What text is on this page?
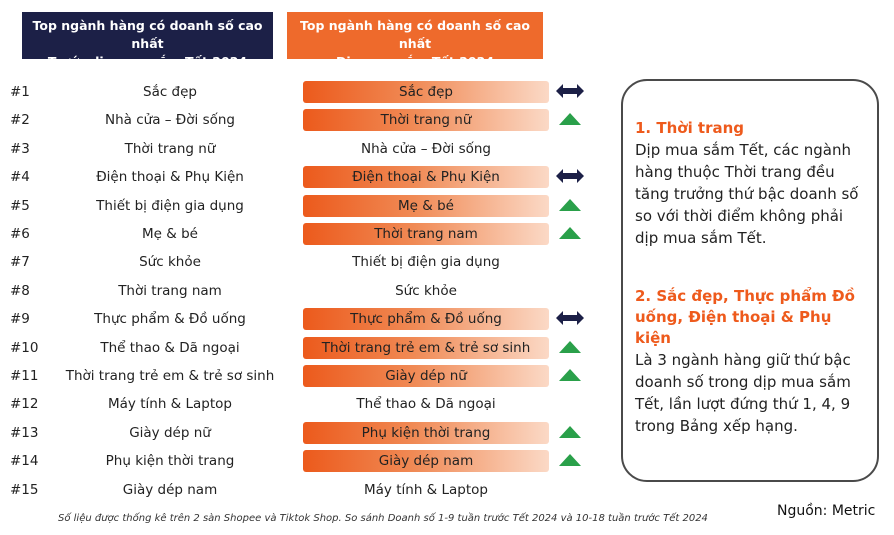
Top ngành hàng có doanh số cao nhất
Trước dịp mua sắm Tết 2024
Top ngành hàng có doanh số cao nhất
Dịp mua sắm Tết 2024
#1	Sắc đẹp	Sắc đẹp
#2	Nhà cửa – Đời sống	Thời trang nữ
#3	Thời trang nữ	Nhà cửa – Đời sống
#4	Điện thoại & Phụ Kiện	Điện thoại & Phụ Kiện
#5	Thiết bị điện gia dụng	Mẹ & bé
#6	Mẹ & bé	Thời trang nam
#7	Sức khỏe	Thiết bị điện gia dụng
#8	Thời trang nam	Sức khỏe
#9	Thực phẩm & Đồ uống	Thực phẩm & Đồ uống
#10	Thể thao & Dã ngoại	Thời trang trẻ em & trẻ sơ sinh
#11	Thời trang trẻ em & trẻ sơ sinh	Giày dép nữ
#12	Máy tính & Laptop	Thể thao & Dã ngoại
#13	Giày dép nữ	Phụ kiện thời trang
#14	Phụ kiện thời trang	Giày dép nam
#15	Giày dép nam	Máy tính & Laptop
1. Thời trang
Dịp mua sắm Tết, các ngành hàng thuộc Thời trang đều tăng trưởng thứ bậc doanh số so với thời điểm không phải dịp mua sắm Tết.
2. Sắc đẹp, Thực phẩm Đồ uống, Điện thoại & Phụ kiện
Là 3 ngành hàng giữ thứ bậc doanh số trong dịp mua sắm Tết, lần lượt đứng thứ 1, 4, 9 trong Bảng xếp hạng.
Số liệu được thống kê trên 2 sàn Shopee và Tiktok Shop. So sánh Doanh số 1-9 tuần trước Tết 2024 và 10-18 tuần trước Tết 2024	Nguồn: Metric
